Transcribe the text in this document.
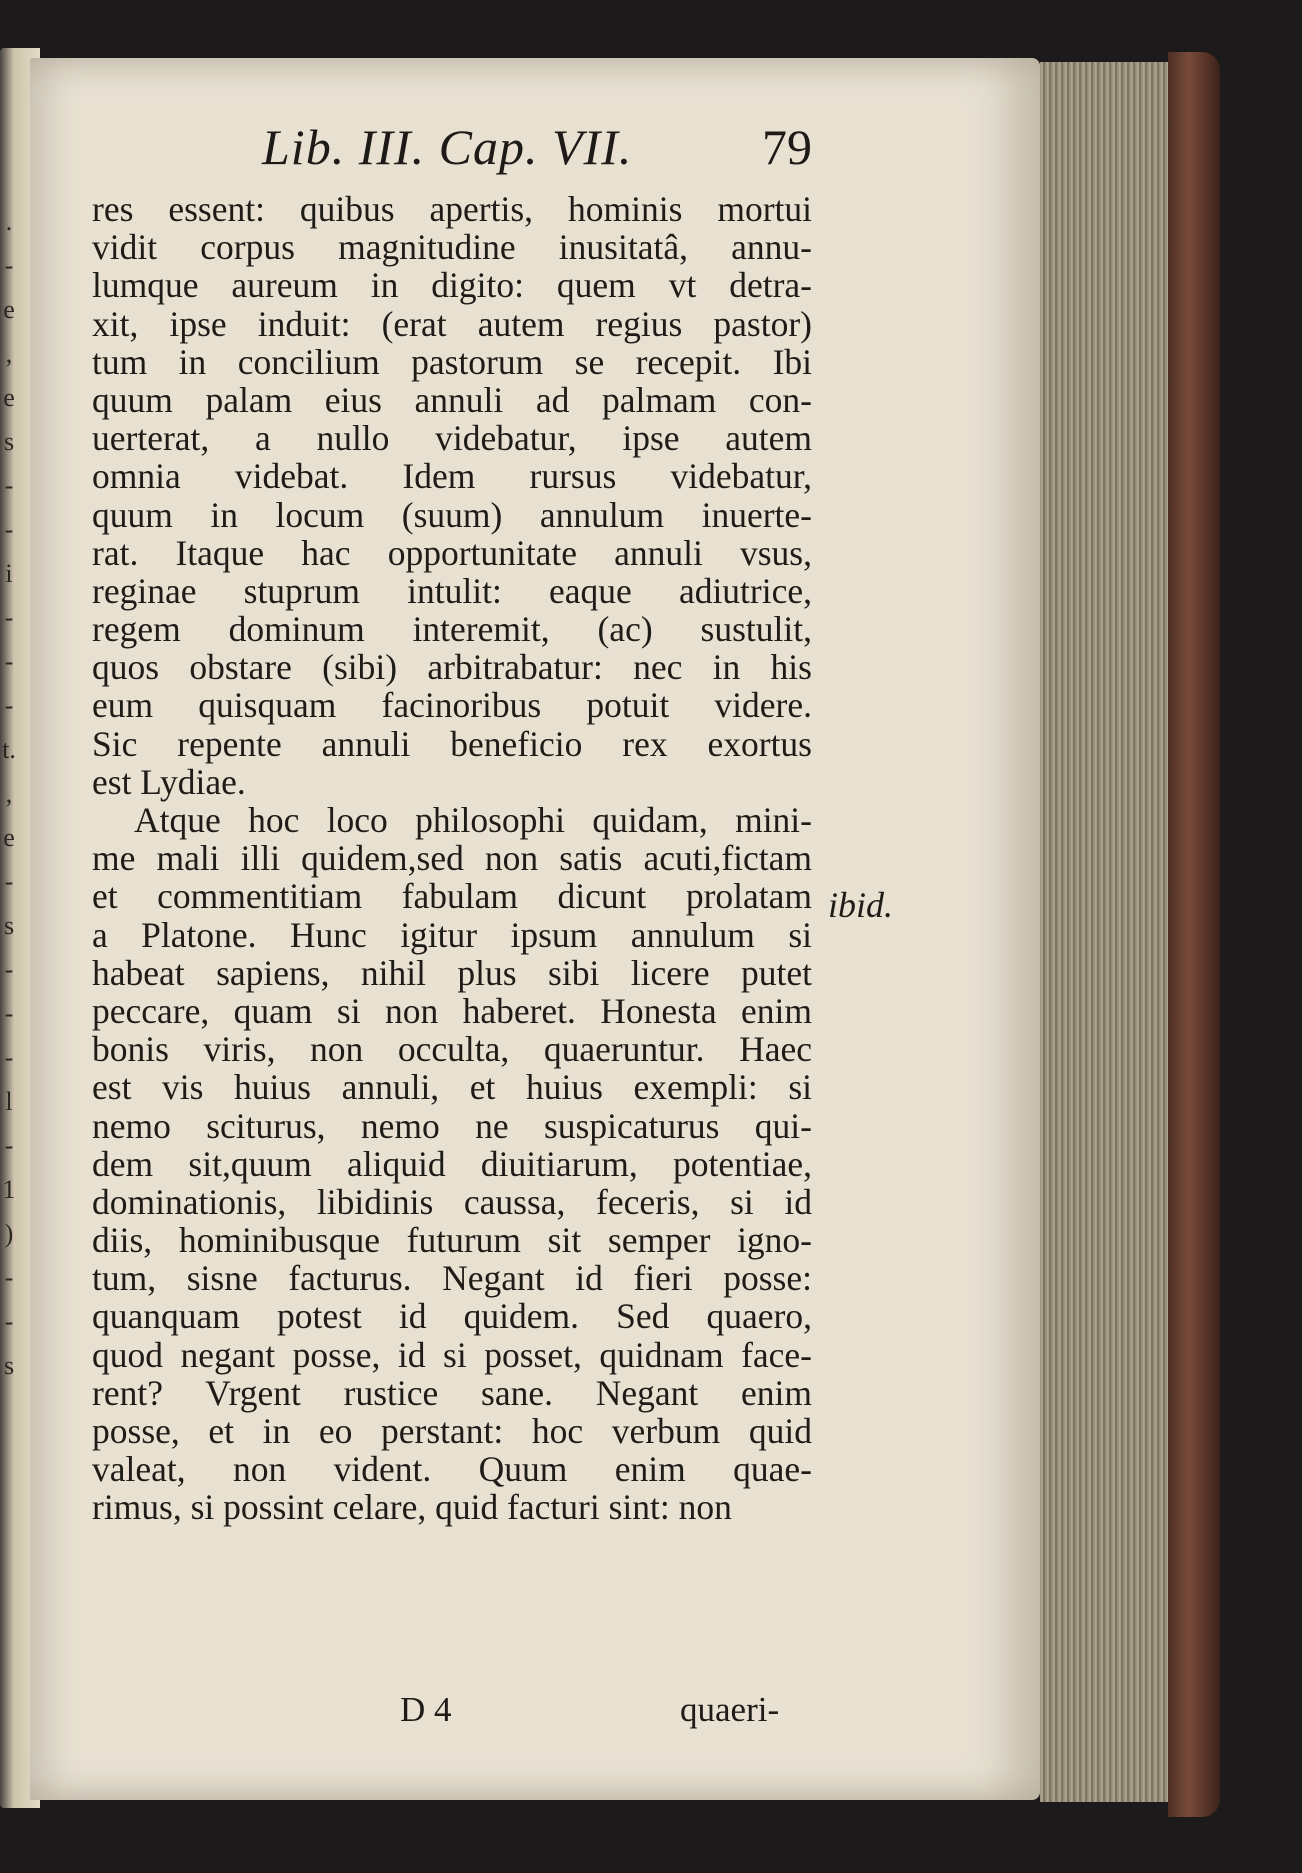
.
-
e
,
e
s
-
-
i
-
-
-
t.
,
e
-
s
-
-
-
l
-
1
)
-
-
s
Lib. III. Cap. VII.	79
res essent: quibus apertis, hominis mortui
vidit corpus magnitudine inusitatâ, annu-
lumque aureum in digito: quem vt detra-
xit, ipse induit: (erat autem regius pastor)
tum in concilium pastorum se recepit. Ibi
quum palam eius annuli ad palmam con-
uerterat, a nullo videbatur, ipse autem
omnia videbat. Idem rursus videbatur,
quum in locum (suum) annulum inuerte-
rat. Itaque hac opportunitate annuli vsus,
reginae stuprum intulit: eaque adiutrice,
regem dominum interemit, (ac) sustulit,
quos obstare (sibi) arbitrabatur: nec in his
eum quisquam facinoribus potuit videre.
Sic repente annuli beneficio rex exortus
est Lydiae.
Atque hoc loco philosophi quidam, mini-
me mali illi quidem,sed non satis acuti,fictam
et commentitiam fabulam dicunt prolatam
a Platone. Hunc igitur ipsum annulum si
habeat sapiens, nihil plus sibi licere putet
peccare, quam si non haberet. Honesta enim
bonis viris, non occulta, quaeruntur. Haec
est vis huius annuli, et huius exempli: si
nemo sciturus, nemo ne suspicaturus qui-
dem sit,quum aliquid diuitiarum, potentiae,
dominationis, libidinis caussa, feceris, si id
diis, hominibusque futurum sit semper igno-
tum, sisne facturus. Negant id fieri posse:
quanquam potest id quidem. Sed quaero,
quod negant posse, id si posset, quidnam face-
rent? Vrgent rustice sane. Negant enim
posse, et in eo perstant: hoc verbum quid
valeat, non vident. Quum enim quae-
rimus, si possint celare, quid facturi sint: non
ibid.
D 4	quaeri-
